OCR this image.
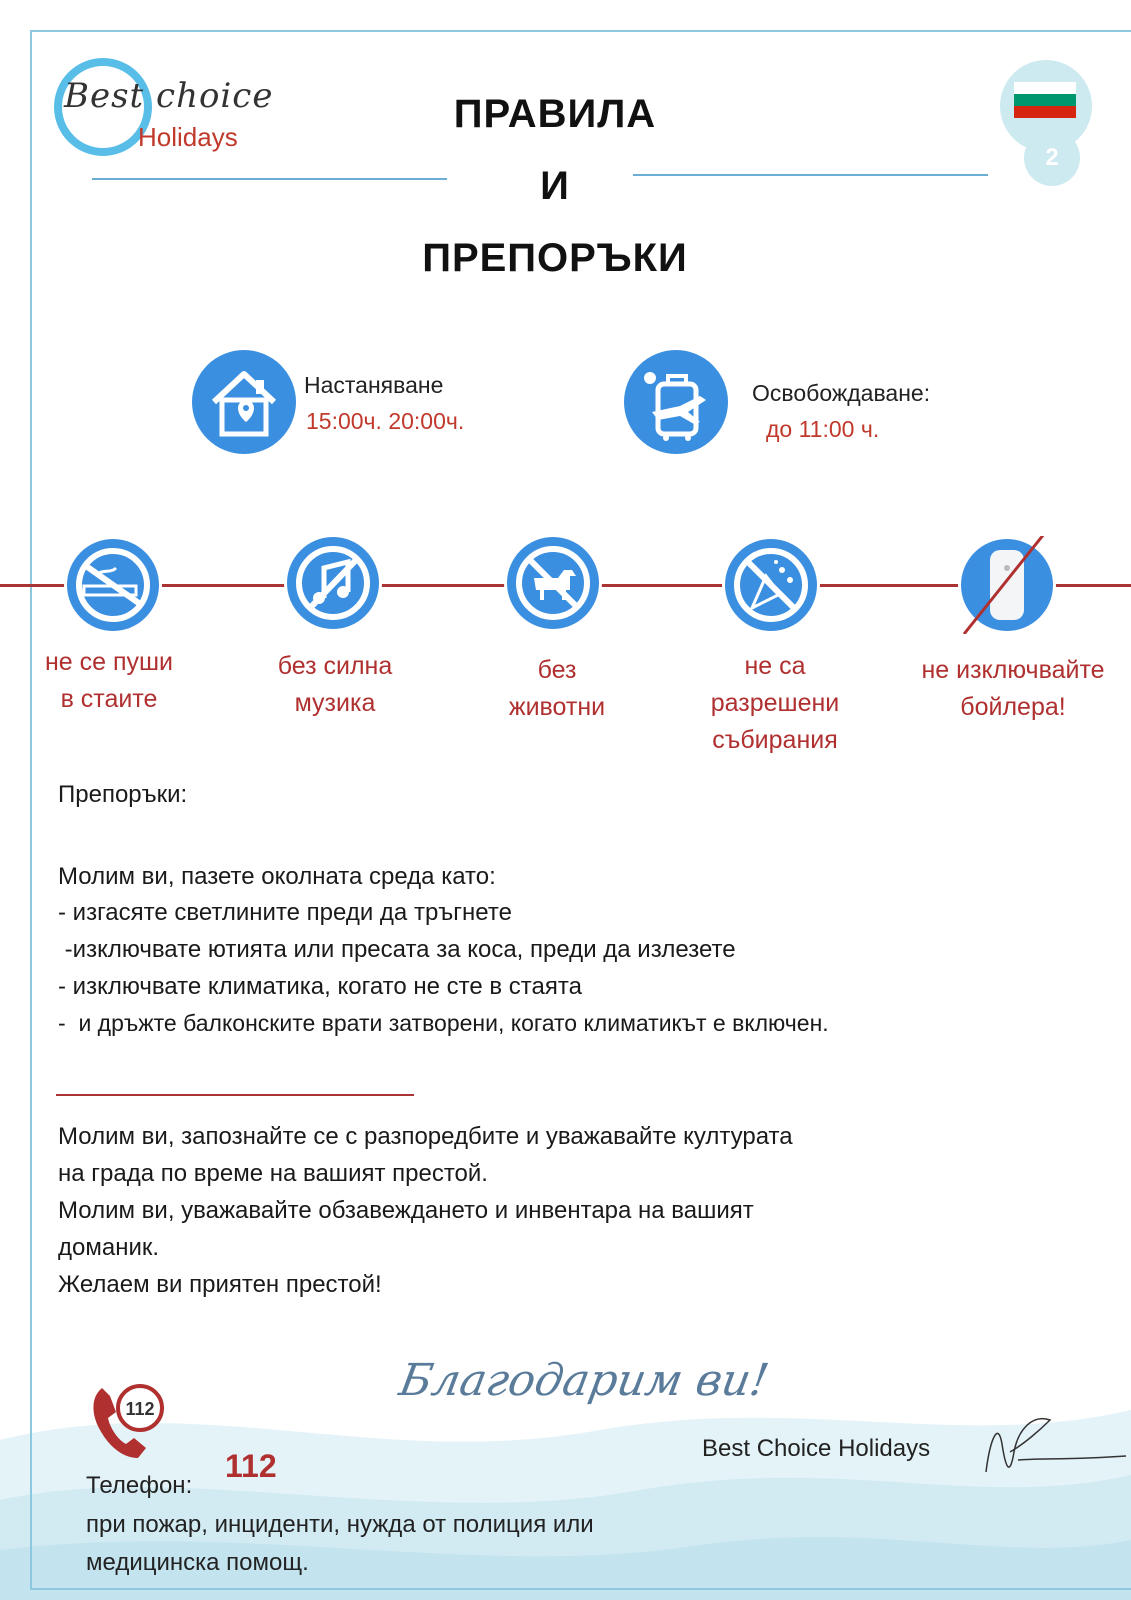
Best choice
Holidays
ПРАВИЛА
И
ПРЕПОРЪКИ
2
Настаняване
15:00ч. 20:00ч.
Освобождаване:
до 11:00 ч.
не се пуши
в стаите
без силна
музика
без
животни
не са
разрешени
събирания
не изключвайте
бойлера!
Препоръки:
Молим ви, пазете околната среда като:
- изгасяте светлините преди да тръгнете
-изключвате ютията или пресата за коса, преди да излезете
- изключвате климатика, когато не сте в стаята
-  и дръжте балконските врати затворени, когато климатикът е включен.
Молим ви, запознайте се с разпоредбите и уважавайте културата
на града по време на вашият престой.
Молим ви, уважавайте обзавеждането и инвентара на вашият
доманик.
Желаем ви приятен престой!
Благодарим ви!
Best Choice Holidays
112
Телефон:
112
при пожар, инциденти, нужда от полиция или
медицинска помощ.
